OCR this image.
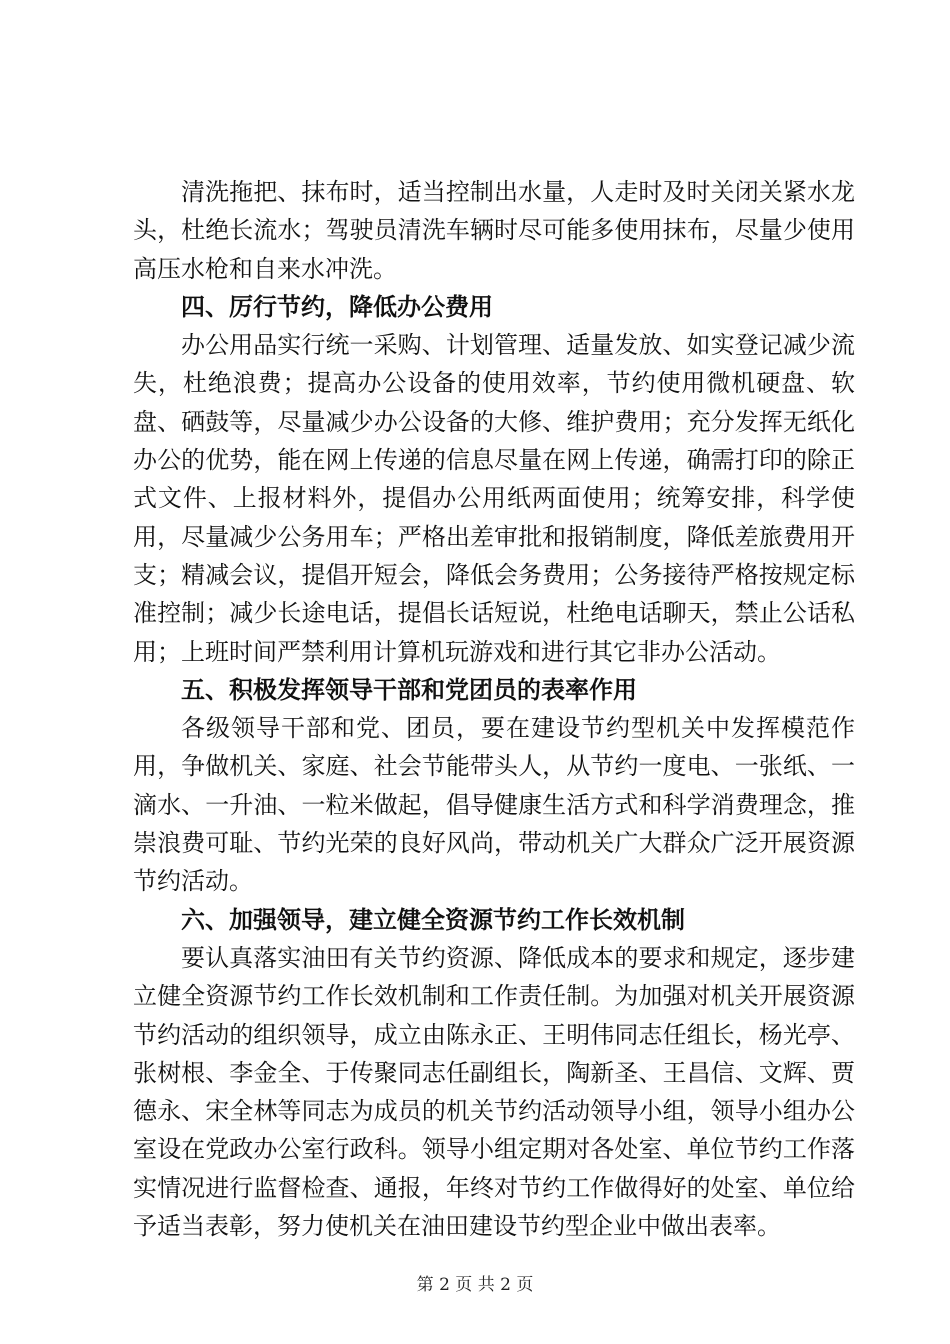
清洗拖把、抹布时，适当控制出水量，人走时及时关闭关紧水龙头，杜绝长流水；驾驶员清洗车辆时尽可能多使用抹布，尽量少使用高压水枪和自来水冲洗。

四、厉行节约，降低办公费用

办公用品实行统一采购、计划管理、适量发放、如实登记减少流失，杜绝浪费；提高办公设备的使用效率，节约使用微机硬盘、软盘、硒鼓等，尽量减少办公设备的大修、维护费用；充分发挥无纸化办公的优势，能在网上传递的信息尽量在网上传递，确需打印的除正式文件、上报材料外，提倡办公用纸两面使用；统筹安排，科学使用，尽量减少公务用车；严格出差审批和报销制度，降低差旅费用开支；精减会议，提倡开短会，降低会务费用；公务接待严格按规定标准控制；减少长途电话，提倡长话短说，杜绝电话聊天，禁止公话私用；上班时间严禁利用计算机玩游戏和进行其它非办公活动。

五、积极发挥领导干部和党团员的表率作用

各级领导干部和党、团员，要在建设节约型机关中发挥模范作用，争做机关、家庭、社会节能带头人，从节约一度电、一张纸、一滴水、一升油、一粒米做起，倡导健康生活方式和科学消费理念，推崇浪费可耻、节约光荣的良好风尚，带动机关广大群众广泛开展资源节约活动。

六、加强领导，建立健全资源节约工作长效机制

要认真落实油田有关节约资源、降低成本的要求和规定，逐步建立健全资源节约工作长效机制和工作责任制。为加强对机关开展资源节约活动的组织领导，成立由陈永正、王明伟同志任组长，杨光亭、张树根、李金全、于传聚同志任副组长，陶新圣、王昌信、文辉、贾德永、宋全林等同志为成员的机关节约活动领导小组，领导小组办公室设在党政办公室行政科。领导小组定期对各处室、单位节约工作落实情况进行监督检查、通报，年终对节约工作做得好的处室、单位给予适当表彰，努力使机关在油田建设节约型企业中做出表率。

第 2 页 共 2 页
